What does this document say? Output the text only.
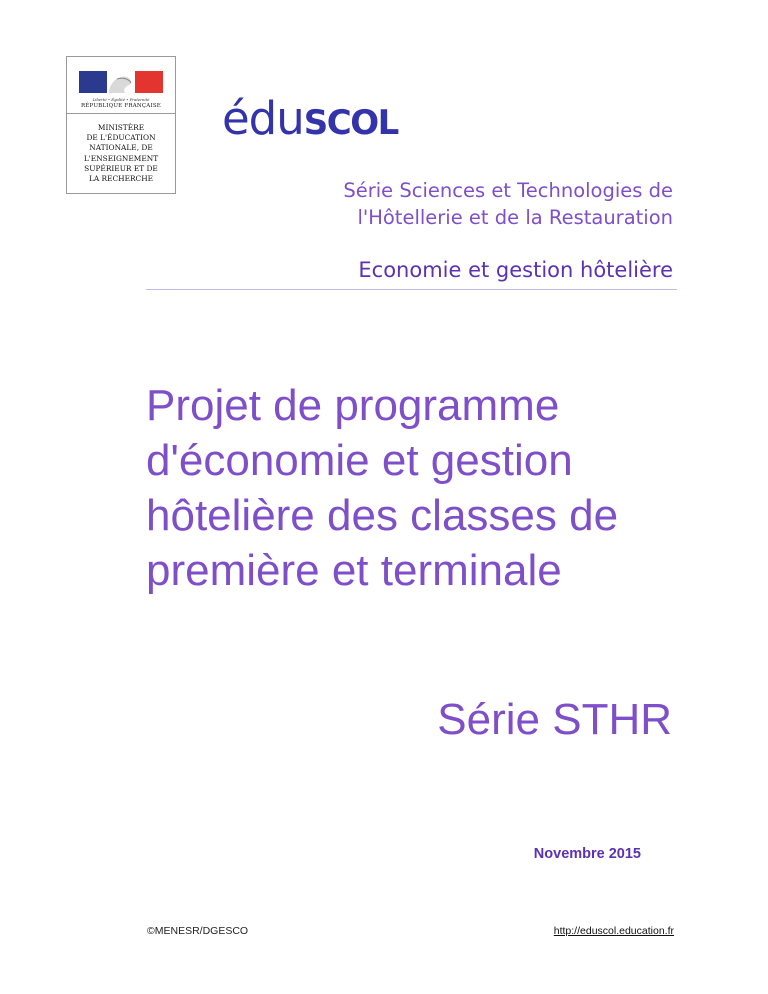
Liberté • Égalité • Fraternité
RÉPUBLIQUE FRANÇAISE
MINISTÈRE
DE L'ÉDUCATION
NATIONALE, DE
L'ENSEIGNEMENT
SUPÉRIEUR ET DE
LA RECHERCHE
éduSCOL
Série Sciences et Technologies de
l'Hôtellerie et de la Restauration
Economie et gestion hôtelière
Projet de programme
d'économie et gestion
hôtelière des classes de
première et terminale
Série STHR
Novembre 2015
©MENESR/DGESCO	http://eduscol.education.fr
